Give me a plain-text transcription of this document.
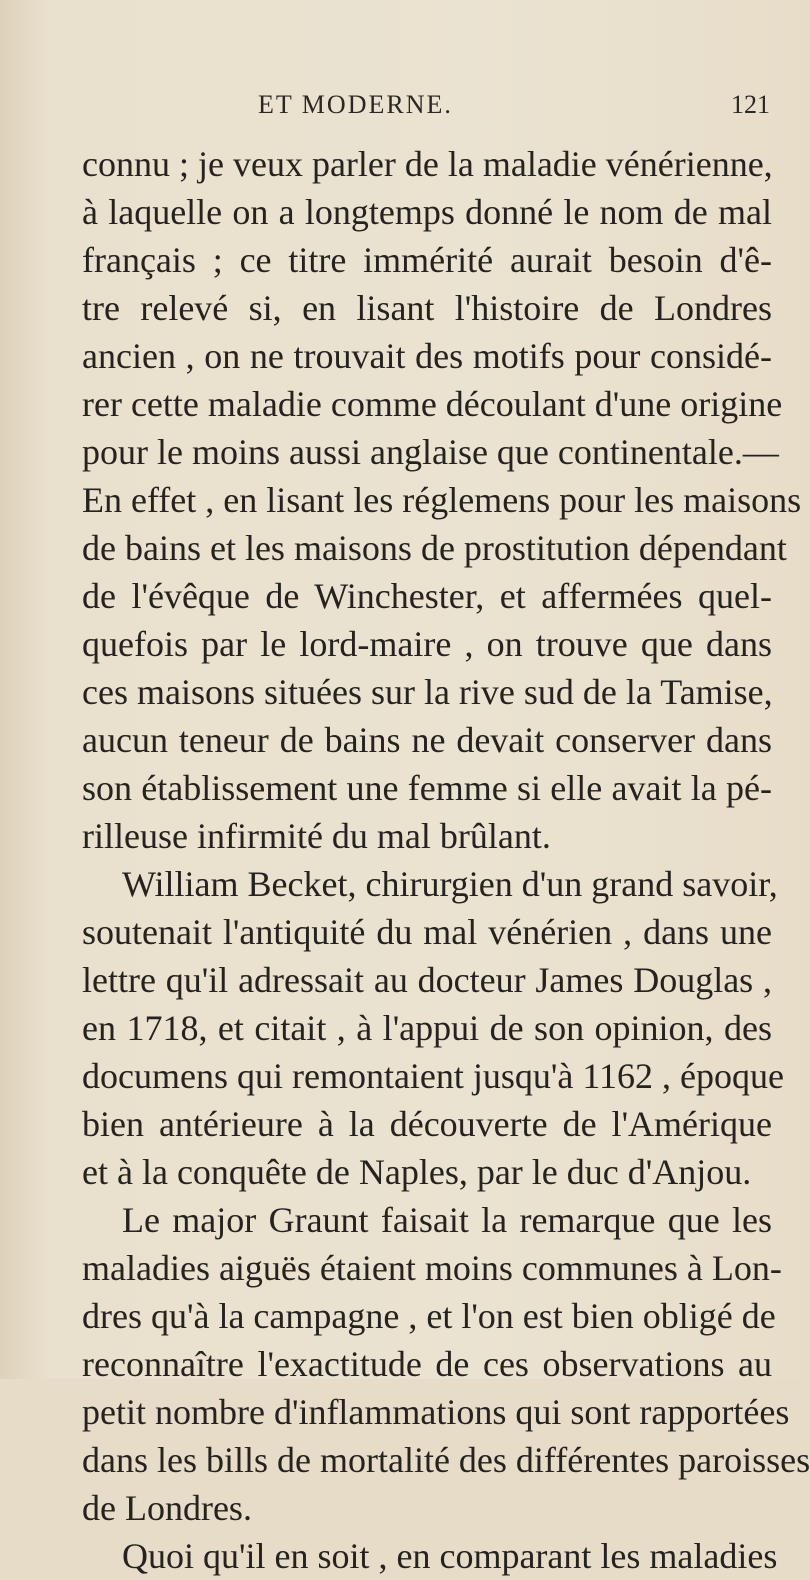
ET MODERNE.	121
connu ; je veux parler de la maladie vénérienne,
à laquelle on a longtemps donné le nom de mal
français ; ce titre immérité aurait besoin d'ê-
tre relevé si, en lisant l'histoire de Londres
ancien , on ne trouvait des motifs pour considé-
rer cette maladie comme découlant d'une origine
pour le moins aussi anglaise que continentale.—
En effet , en lisant les réglemens pour les maisons
de bains et les maisons de prostitution dépendant
de l'évêque de Winchester, et affermées quel-
quefois par le lord-maire , on trouve que dans
ces maisons situées sur la rive sud de la Tamise,
aucun teneur de bains ne devait conserver dans
son établissement une femme si elle avait la pé-
rilleuse infirmité du mal brûlant.
William Becket, chirurgien d'un grand savoir,
soutenait l'antiquité du mal vénérien , dans une
lettre qu'il adressait au docteur James Douglas ,
en 1718, et citait , à l'appui de son opinion, des
documens qui remontaient jusqu'à 1162 , époque
bien antérieure à la découverte de l'Amérique
et à la conquête de Naples, par le duc d'Anjou.
Le major Graunt faisait la remarque que les
maladies aiguës étaient moins communes à Lon-
dres qu'à la campagne , et l'on est bien obligé de
reconnaître l'exactitude de ces observations au
petit nombre d'inflammations qui sont rapportées
dans les bills de mortalité des différentes paroisses
de Londres.
Quoi qu'il en soit , en comparant les maladies
